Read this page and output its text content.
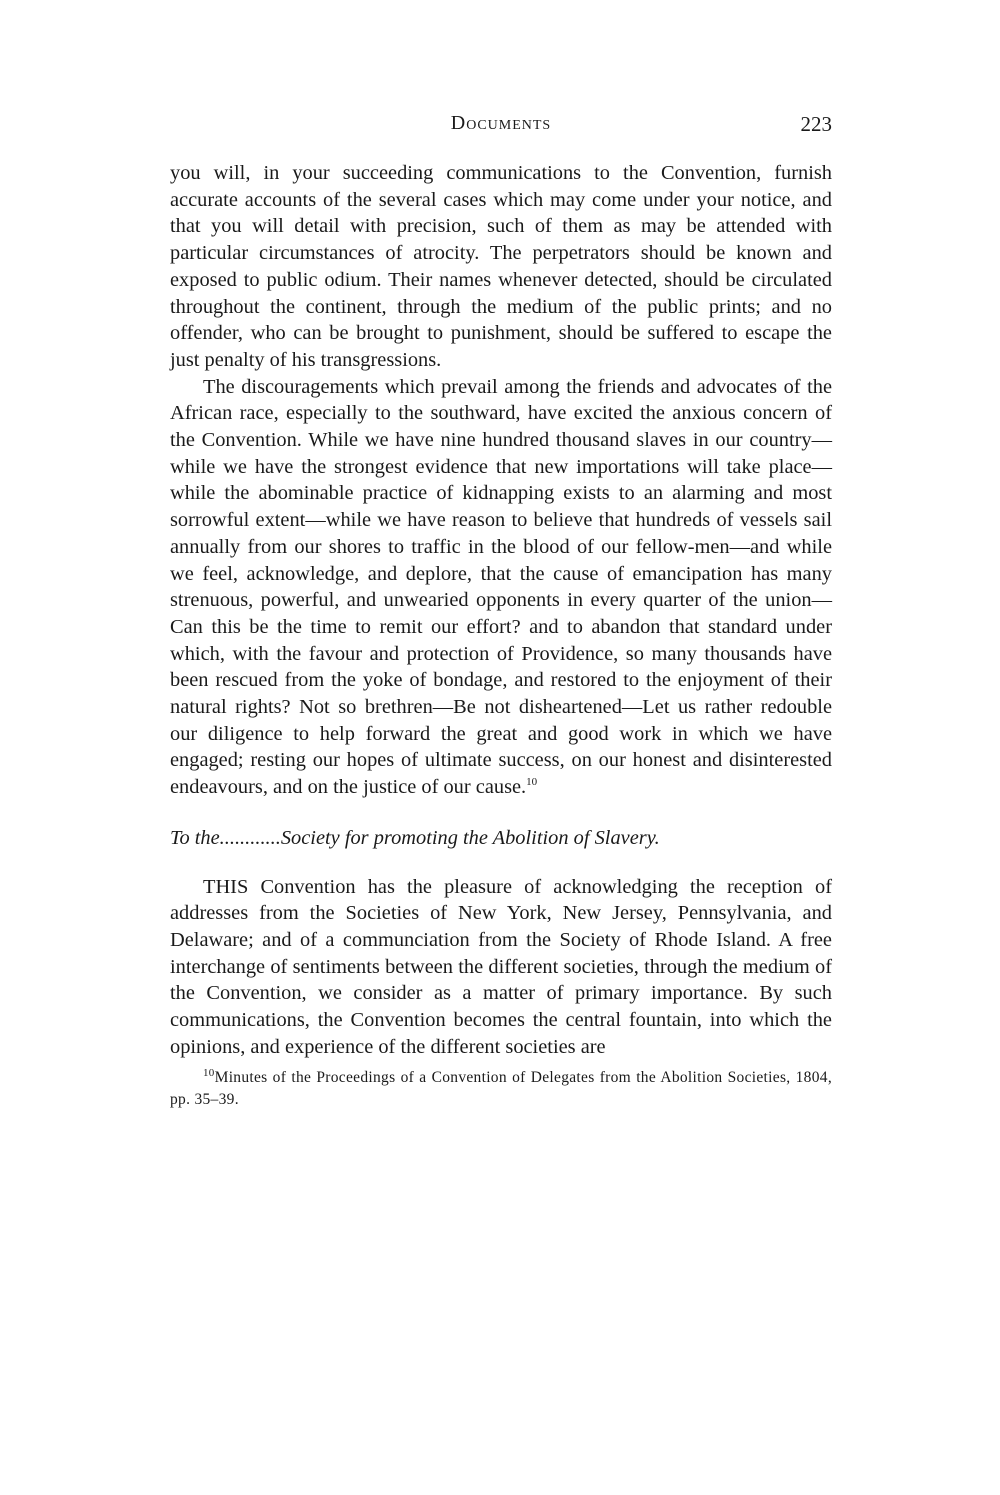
Documents	223

you will, in your succeeding communications to the Convention, furnish accurate accounts of the several cases which may come under your notice, and that you will detail with precision, such of them as may be attended with particular circumstances of atrocity. The perpetrators should be known and exposed to public odium. Their names whenever detected, should be circulated throughout the continent, through the medium of the public prints; and no offender, who can be brought to punishment, should be suffered to escape the just penalty of his transgressions.

The discouragements which prevail among the friends and advocates of the African race, especially to the southward, have excited the anxious concern of the Convention. While we have nine hundred thousand slaves in our country—while we have the strongest evidence that new importations will take place—while the abominable practice of kidnapping exists to an alarming and most sorrowful extent—while we have reason to believe that hundreds of vessels sail annually from our shores to traffic in the blood of our fellow-men—and while we feel, acknowledge, and deplore, that the cause of emancipation has many strenuous, powerful, and unwearied opponents in every quarter of the union—Can this be the time to remit our effort? and to abandon that standard under which, with the favour and protection of Providence, so many thousands have been rescued from the yoke of bondage, and restored to the enjoyment of their natural rights? Not so brethren—Be not disheartened—Let us rather redouble our diligence to help forward the great and good work in which we have engaged; resting our hopes of ultimate success, on our honest and disinterested endeavours, and on the justice of our cause.$^{10}$

To the............Society for promoting the Abolition of Slavery.

THIS Convention has the pleasure of acknowledging the reception of addresses from the Societies of New York, New Jersey, Pennsylvania, and Delaware; and of a communciation from the Society of Rhode Island. A free interchange of sentiments between the different societies, through the medium of the Convention, we consider as a matter of primary importance. By such communications, the Convention becomes the central fountain, into which the opinions, and experience of the different societies are

$^{10}$Minutes of the Proceedings of a Convention of Delegates from the Abolition Societies, 1804, pp. 35–39.
